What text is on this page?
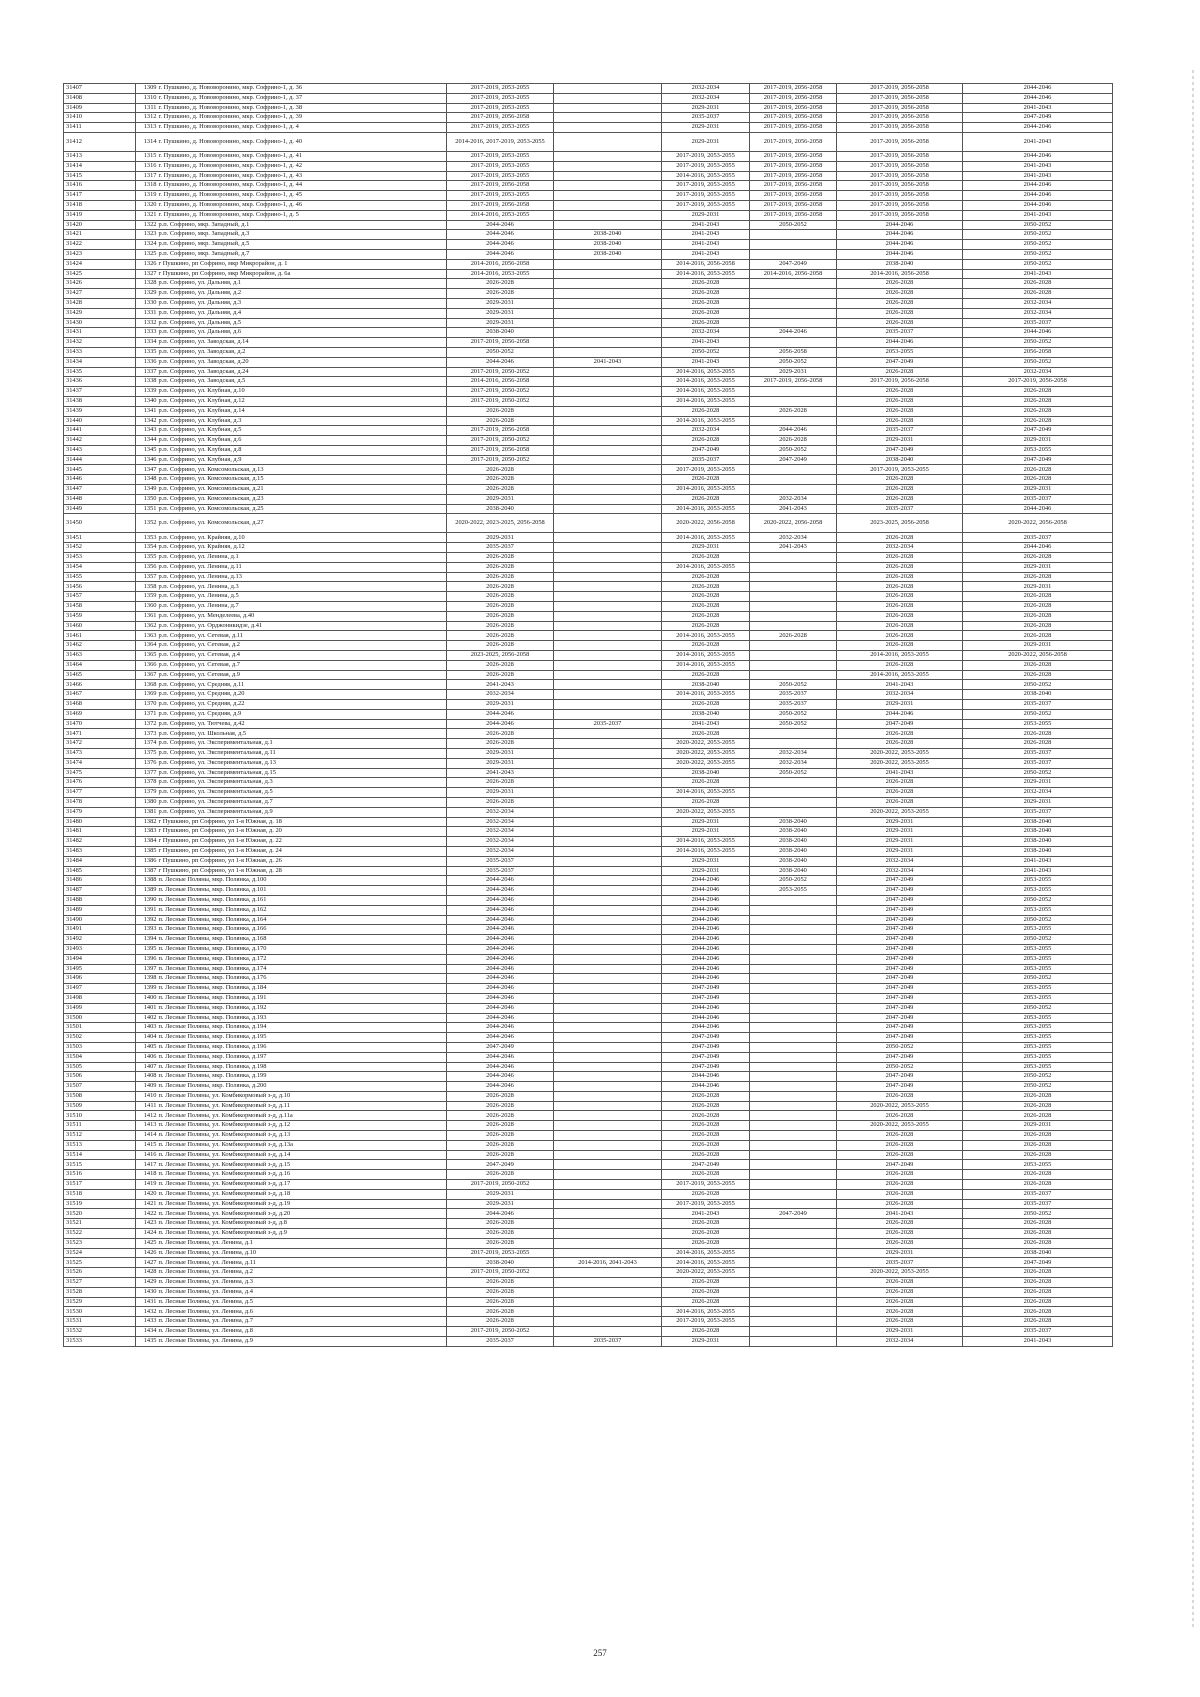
31407	1309	г. Пушкино, д. Нововоронино, мкр. Софрино-1, д. 36	2017-2019, 2053-2055		2032-2034	2017-2019, 2056-2058	2017-2019, 2056-2058	2044-2046
31408	1310	г. Пушкино, д. Нововоронино, мкр. Софрино-1, д. 37	2017-2019, 2053-2055		2032-2034	2017-2019, 2056-2058	2017-2019, 2056-2058	2044-2046
31409	1311	г. Пушкино, д. Нововоронино, мкр. Софрино-1, д. 38	2017-2019, 2053-2055		2029-2031	2017-2019, 2056-2058	2017-2019, 2056-2058	2041-2043
31410	1312	г. Пушкино, д. Нововоронино, мкр. Софрино-1, д. 39	2017-2019, 2056-2058		2035-2037	2017-2019, 2056-2058	2017-2019, 2056-2058	2047-2049
31411	1313	г. Пушкино, д. Нововоронино, мкр. Софрино-1, д. 4	2017-2019, 2053-2055		2029-2031	2017-2019, 2056-2058	2017-2019, 2056-2058	2044-2046
31412	1314	г. Пушкино, д. Нововоронино, мкр. Софрино-1, д. 40	2014-2016, 2017-2019, 2053-2055		2029-2031	2017-2019, 2056-2058	2017-2019, 2056-2058	2041-2043
31413	1315	г. Пушкино, д. Нововоронино, мкр. Софрино-1, д. 41	2017-2019, 2053-2055		2017-2019, 2053-2055	2017-2019, 2056-2058	2017-2019, 2056-2058	2044-2046
31414	1316	г. Пушкино, д. Нововоронино, мкр. Софрино-1, д. 42	2017-2019, 2053-2055		2017-2019, 2053-2055	2017-2019, 2056-2058	2017-2019, 2056-2058	2041-2043
31415	1317	г. Пушкино, д. Нововоронино, мкр. Софрино-1, д. 43	2017-2019, 2053-2055		2014-2016, 2053-2055	2017-2019, 2056-2058	2017-2019, 2056-2058	2041-2043
31416	1318	г. Пушкино, д. Нововоронино, мкр. Софрино-1, д. 44	2017-2019, 2056-2058		2017-2019, 2053-2055	2017-2019, 2056-2058	2017-2019, 2056-2058	2044-2046
31417	1319	г. Пушкино, д. Нововоронино, мкр. Софрино-1, д. 45	2017-2019, 2053-2055		2017-2019, 2053-2055	2017-2019, 2056-2058	2017-2019, 2056-2058	2044-2046
31418	1320	г. Пушкино, д. Нововоронино, мкр. Софрино-1, д. 46	2017-2019, 2056-2058		2017-2019, 2053-2055	2017-2019, 2056-2058	2017-2019, 2056-2058	2044-2046
31419	1321	г. Пушкино, д. Нововоронино, мкр. Софрино-1, д. 5	2014-2016, 2053-2055		2029-2031	2017-2019, 2056-2058	2017-2019, 2056-2058	2041-2043
31420	1322	р.п. Софрино, мкр. Западный, д.1	2044-2046		2041-2043	2050-2052	2044-2046	2050-2052
31421	1323	р.п. Софрино, мкр. Западный, д.3	2044-2046	2038-2040	2041-2043		2044-2046	2050-2052
31422	1324	р.п. Софрино, мкр. Западный, д.5	2044-2046	2038-2040	2041-2043		2044-2046	2050-2052
31423	1325	р.п. Софрино, мкр. Западный, д.7	2044-2046	2038-2040	2041-2043		2044-2046	2050-2052
31424	1326	г Пушкино, рп Софрино, мкр Микрорайон, д. 1	2014-2016, 2056-2058		2014-2016, 2056-2058	2047-2049	2038-2040	2050-2052
31425	1327	г Пушкино, рп Софрино, мкр Микрорайон, д. 6а	2014-2016, 2053-2055		2014-2016, 2053-2055	2014-2016, 2056-2058	2014-2016, 2056-2058	2041-2043
31426	1328	р.п. Софрино, ул. Дальняя, д.1	2026-2028		2026-2028		2026-2028	2026-2028
31427	1329	р.п. Софрино, ул. Дальняя, д.2	2026-2028		2026-2028		2026-2028	2026-2028
31428	1330	р.п. Софрино, ул. Дальняя, д.3	2029-2031		2026-2028		2026-2028	2032-2034
31429	1331	р.п. Софрино, ул. Дальняя, д.4	2029-2031		2026-2028		2026-2028	2032-2034
31430	1332	р.п. Софрино, ул. Дальняя, д.5	2029-2031		2026-2028		2026-2028	2035-2037
31431	1333	р.п. Софрино, ул. Дальняя, д.6	2038-2040		2032-2034	2044-2046	2035-2037	2044-2046
31432	1334	р.п. Софрино, ул. Заводская, д.14	2017-2019, 2056-2058		2041-2043		2044-2046	2050-2052
31433	1335	р.п. Софрино, ул. Заводская, д.2	2050-2052		2050-2052	2056-2058	2053-2055	2056-2058
31434	1336	р.п. Софрино, ул. Заводская, д.20	2044-2046	2041-2043	2041-2043	2050-2052	2047-2049	2050-2052
31435	1337	р.п. Софрино, ул. Заводская, д.24	2017-2019, 2050-2052		2014-2016, 2053-2055	2029-2031	2026-2028	2032-2034
31436	1338	р.п. Софрино, ул. Заводская, д.5	2014-2016, 2056-2058		2014-2016, 2053-2055	2017-2019, 2056-2058	2017-2019, 2056-2058	2017-2019, 2056-2058
31437	1339	р.п. Софрино, ул. Клубная, д.10	2017-2019, 2050-2052		2014-2016, 2053-2055		2026-2028	2026-2028
31438	1340	р.п. Софрино, ул. Клубная, д.12	2017-2019, 2050-2052		2014-2016, 2053-2055		2026-2028	2026-2028
31439	1341	р.п. Софрино, ул. Клубная, д.14	2026-2028		2026-2028	2026-2028	2026-2028	2026-2028
31440	1342	р.п. Софрино, ул. Клубная, д.3	2026-2028		2014-2016, 2053-2055		2026-2028	2026-2028
31441	1343	р.п. Софрино, ул. Клубная, д.5	2017-2019, 2056-2058		2032-2034	2044-2046	2035-2037	2047-2049
31442	1344	р.п. Софрино, ул. Клубная, д.6	2017-2019, 2050-2052		2026-2028	2026-2028	2029-2031	2029-2031
31443	1345	р.п. Софрино, ул. Клубная, д.8	2017-2019, 2056-2058		2047-2049	2050-2052	2047-2049	2053-2055
31444	1346	р.п. Софрино, ул. Клубная, д.9	2017-2019, 2050-2052		2035-2037	2047-2049	2038-2040	2047-2049
31445	1347	р.п. Софрино, ул. Комсомольская, д.13	2026-2028		2017-2019, 2053-2055		2017-2019, 2053-2055	2026-2028
31446	1348	р.п. Софрино, ул. Комсомольская, д.15	2026-2028		2026-2028		2026-2028	2026-2028
31447	1349	р.п. Софрино, ул. Комсомольская, д.21	2026-2028		2014-2016, 2053-2055		2026-2028	2029-2031
31448	1350	р.п. Софрино, ул. Комсомольская, д.23	2029-2031		2026-2028	2032-2034	2026-2028	2035-2037
31449	1351	р.п. Софрино, ул. Комсомольская, д.25	2038-2040		2014-2016, 2053-2055	2041-2043	2035-2037	2044-2046
31450	1352	р.п. Софрино, ул. Комсомольская, д.27	2020-2022, 2023-2025, 2056-2058		2020-2022, 2056-2058	2020-2022, 2056-2058	2023-2025, 2056-2058	2020-2022, 2056-2058
31451	1353	р.п. Софрино, ул. Крайняя, д.10	2029-2031		2014-2016, 2053-2055	2032-2034	2026-2028	2035-2037
31452	1354	р.п. Софрино, ул. Крайняя, д.12	2035-2037		2029-2031	2041-2043	2032-2034	2044-2046
31453	1355	р.п. Софрино, ул. Ленина, д.1	2026-2028		2026-2028		2026-2028	2026-2028
31454	1356	р.п. Софрино, ул. Ленина, д.11	2026-2028		2014-2016, 2053-2055		2026-2028	2029-2031
31455	1357	р.п. Софрино, ул. Ленина, д.13	2026-2028		2026-2028		2026-2028	2026-2028
31456	1358	р.п. Софрино, ул. Ленина, д.3	2026-2028		2026-2028		2026-2028	2029-2031
31457	1359	р.п. Софрино, ул. Ленина, д.5	2026-2028		2026-2028		2026-2028	2026-2028
31458	1360	р.п. Софрино, ул. Ленина, д.7	2026-2028		2026-2028		2026-2028	2026-2028
31459	1361	р.п. Софрино, ул. Менделеева, д.40	2026-2028		2026-2028		2026-2028	2026-2028
31460	1362	р.п. Софрино, ул. Орджоникидзе, д.41	2026-2028		2026-2028		2026-2028	2026-2028
31461	1363	р.п. Софрино, ул. Сетевая, д.11	2026-2028		2014-2016, 2053-2055	2026-2028	2026-2028	2026-2028
31462	1364	р.п. Софрино, ул. Сетевая, д.2	2026-2028		2026-2028		2026-2028	2029-2031
31463	1365	р.п. Софрино, ул. Сетевая, д.4	2023-2025, 2056-2058		2014-2016, 2053-2055		2014-2016, 2053-2055	2020-2022, 2056-2058
31464	1366	р.п. Софрино, ул. Сетевая, д.7	2026-2028		2014-2016, 2053-2055		2026-2028	2026-2028
31465	1367	р.п. Софрино, ул. Сетевая, д.9	2026-2028		2026-2028		2014-2016, 2053-2055	2026-2028
31466	1368	р.п. Софрино, ул. Средняя, д.11	2041-2043		2038-2040	2050-2052	2041-2043	2050-2052
31467	1369	р.п. Софрино, ул. Средняя, д.20	2032-2034		2014-2016, 2053-2055	2035-2037	2032-2034	2038-2040
31468	1370	р.п. Софрино, ул. Средняя, д.22	2029-2031		2026-2028	2035-2037	2029-2031	2035-2037
31469	1371	р.п. Софрино, ул. Средняя, д.9	2044-2046		2038-2040	2050-2052	2044-2046	2050-2052
31470	1372	р.п. Софрино, ул. Тютчева, д.42	2044-2046	2035-2037	2041-2043	2050-2052	2047-2049	2053-2055
31471	1373	р.п. Софрино, ул. Школьная, д.5	2026-2028		2026-2028		2026-2028	2026-2028
31472	1374	р.п. Софрино, ул. Экспериментальная, д.1	2026-2028		2020-2022, 2053-2055		2026-2028	2026-2028
31473	1375	р.п. Софрино, ул. Экспериментальная, д.11	2029-2031		2020-2022, 2053-2055	2032-2034	2020-2022, 2053-2055	2035-2037
31474	1376	р.п. Софрино, ул. Экспериментальная, д.13	2029-2031		2020-2022, 2053-2055	2032-2034	2020-2022, 2053-2055	2035-2037
31475	1377	р.п. Софрино, ул. Экспериментальная, д.15	2041-2043		2038-2040	2050-2052	2041-2043	2050-2052
31476	1378	р.п. Софрино, ул. Экспериментальная, д.3	2026-2028		2026-2028		2026-2028	2029-2031
31477	1379	р.п. Софрино, ул. Экспериментальная, д.5	2029-2031		2014-2016, 2053-2055		2026-2028	2032-2034
31478	1380	р.п. Софрино, ул. Экспериментальная, д.7	2026-2028		2026-2028		2026-2028	2029-2031
31479	1381	р.п. Софрино, ул. Экспериментальная, д.9	2032-2034		2020-2022, 2053-2055		2020-2022, 2053-2055	2035-2037
31480	1382	г Пушкино, рп Софрино, ул 1-я Южная, д. 18	2032-2034		2029-2031	2038-2040	2029-2031	2038-2040
31481	1383	г Пушкино, рп Софрино, ул 1-я Южная, д. 20	2032-2034		2029-2031	2038-2040	2029-2031	2038-2040
31482	1384	г Пушкино, рп Софрино, ул 1-я Южная, д. 22	2032-2034		2014-2016, 2053-2055	2038-2040	2029-2031	2038-2040
31483	1385	г Пушкино, рп Софрино, ул 1-я Южная, д. 24	2032-2034		2014-2016, 2053-2055	2038-2040	2029-2031	2038-2040
31484	1386	г Пушкино, рп Софрино, ул 1-я Южная, д. 26	2035-2037		2029-2031	2038-2040	2032-2034	2041-2043
31485	1387	г Пушкино, рп Софрино, ул 1-я Южная, д. 28	2035-2037		2029-2031	2038-2040	2032-2034	2041-2043
31486	1388	п. Лесные Поляны, мкр. Полянка, д.100	2044-2046		2044-2046	2050-2052	2047-2049	2053-2055
31487	1389	п. Лесные Поляны, мкр. Полянка, д.101	2044-2046		2044-2046	2053-2055	2047-2049	2053-2055
31488	1390	п. Лесные Поляны, мкр. Полянка, д.161	2044-2046		2044-2046		2047-2049	2050-2052
31489	1391	п. Лесные Поляны, мкр. Полянка, д.162	2044-2046		2044-2046		2047-2049	2053-2055
31490	1392	п. Лесные Поляны, мкр. Полянка, д.164	2044-2046		2044-2046		2047-2049	2050-2052
31491	1393	п. Лесные Поляны, мкр. Полянка, д.166	2044-2046		2044-2046		2047-2049	2053-2055
31492	1394	п. Лесные Поляны, мкр. Полянка, д.168	2044-2046		2044-2046		2047-2049	2050-2052
31493	1395	п. Лесные Поляны, мкр. Полянка, д.170	2044-2046		2044-2046		2047-2049	2053-2055
31494	1396	п. Лесные Поляны, мкр. Полянка, д.172	2044-2046		2044-2046		2047-2049	2053-2055
31495	1397	п. Лесные Поляны, мкр. Полянка, д.174	2044-2046		2044-2046		2047-2049	2053-2055
31496	1398	п. Лесные Поляны, мкр. Полянка, д.176	2044-2046		2044-2046		2047-2049	2050-2052
31497	1399	п. Лесные Поляны, мкр. Полянка, д.184	2044-2046		2047-2049		2047-2049	2053-2055
31498	1400	п. Лесные Поляны, мкр. Полянка, д.191	2044-2046		2047-2049		2047-2049	2053-2055
31499	1401	п. Лесные Поляны, мкр. Полянка, д.192	2044-2046		2044-2046		2047-2049	2050-2052
31500	1402	п. Лесные Поляны, мкр. Полянка, д.193	2044-2046		2044-2046		2047-2049	2053-2055
31501	1403	п. Лесные Поляны, мкр. Полянка, д.194	2044-2046		2044-2046		2047-2049	2053-2055
31502	1404	п. Лесные Поляны, мкр. Полянка, д.195	2044-2046		2047-2049		2047-2049	2053-2055
31503	1405	п. Лесные Поляны, мкр. Полянка, д.196	2047-2049		2047-2049		2050-2052	2053-2055
31504	1406	п. Лесные Поляны, мкр. Полянка, д.197	2044-2046		2047-2049		2047-2049	2053-2055
31505	1407	п. Лесные Поляны, мкр. Полянка, д.198	2044-2046		2047-2049		2050-2052	2053-2055
31506	1408	п. Лесные Поляны, мкр. Полянка, д.199	2044-2046		2044-2046		2047-2049	2050-2052
31507	1409	п. Лесные Поляны, мкр. Полянка, д.200	2044-2046		2044-2046		2047-2049	2050-2052
31508	1410	п. Лесные Поляны, ул. Комбикормовый з-д, д.10	2026-2028		2026-2028		2026-2028	2026-2028
31509	1411	п. Лесные Поляны, ул. Комбикормовый з-д, д.11	2026-2028		2026-2028		2020-2022, 2053-2055	2026-2028
31510	1412	п. Лесные Поляны, ул. Комбикормовый з-д, д.11а	2026-2028		2026-2028		2026-2028	2026-2028
31511	1413	п. Лесные Поляны, ул. Комбикормовый з-д, д.12	2026-2028		2026-2028		2020-2022, 2053-2055	2029-2031
31512	1414	п. Лесные Поляны, ул. Комбикормовый з-д, д.13	2026-2028		2026-2028		2026-2028	2026-2028
31513	1415	п. Лесные Поляны, ул. Комбикормовый з-д, д.13а	2026-2028		2026-2028		2026-2028	2026-2028
31514	1416	п. Лесные Поляны, ул. Комбикормовый з-д, д.14	2026-2028		2026-2028		2026-2028	2026-2028
31515	1417	п. Лесные Поляны, ул. Комбикормовый з-д, д.15	2047-2049		2047-2049		2047-2049	2053-2055
31516	1418	п. Лесные Поляны, ул. Комбикормовый з-д, д.16	2026-2028		2026-2028		2026-2028	2026-2028
31517	1419	п. Лесные Поляны, ул. Комбикормовый з-д, д.17	2017-2019, 2050-2052		2017-2019, 2053-2055		2026-2028	2026-2028
31518	1420	п. Лесные Поляны, ул. Комбикормовый з-д, д.18	2029-2031		2026-2028		2026-2028	2035-2037
31519	1421	п. Лесные Поляны, ул. Комбикормовый з-д, д.19	2029-2031		2017-2019, 2053-2055		2026-2028	2035-2037
31520	1422	п. Лесные Поляны, ул. Комбикормовый з-д, д.20	2044-2046		2041-2043	2047-2049	2041-2043	2050-2052
31521	1423	п. Лесные Поляны, ул. Комбикормовый з-д, д.8	2026-2028		2026-2028		2026-2028	2026-2028
31522	1424	п. Лесные Поляны, ул. Комбикормовый з-д, д.9	2026-2028		2026-2028		2026-2028	2026-2028
31523	1425	п. Лесные Поляны, ул. Ленина, д.1	2026-2028		2026-2028		2026-2028	2026-2028
31524	1426	п. Лесные Поляны, ул. Ленина, д.10	2017-2019, 2053-2055		2014-2016, 2053-2055		2029-2031	2038-2040
31525	1427	п. Лесные Поляны, ул. Ленина, д.11	2038-2040	2014-2016, 2041-2043	2014-2016, 2053-2055		2035-2037	2047-2049
31526	1428	п. Лесные Поляны, ул. Ленина, д.2	2017-2019, 2050-2052		2020-2022, 2053-2055		2020-2022, 2053-2055	2026-2028
31527	1429	п. Лесные Поляны, ул. Ленина, д.3	2026-2028		2026-2028		2026-2028	2026-2028
31528	1430	п. Лесные Поляны, ул. Ленина, д.4	2026-2028		2026-2028		2026-2028	2026-2028
31529	1431	п. Лесные Поляны, ул. Ленина, д.5	2026-2028		2026-2028		2026-2028	2026-2028
31530	1432	п. Лесные Поляны, ул. Ленина, д.6	2026-2028		2014-2016, 2053-2055		2026-2028	2026-2028
31531	1433	п. Лесные Поляны, ул. Ленина, д.7	2026-2028		2017-2019, 2053-2055		2026-2028	2026-2028
31532	1434	п. Лесные Поляны, ул. Ленина, д.8	2017-2019, 2050-2052		2026-2028		2029-2031	2035-2037
31533	1435	п. Лесные Поляны, ул. Ленина, д.9	2035-2037	2035-2037	2029-2031		2032-2034	2041-2043
257
